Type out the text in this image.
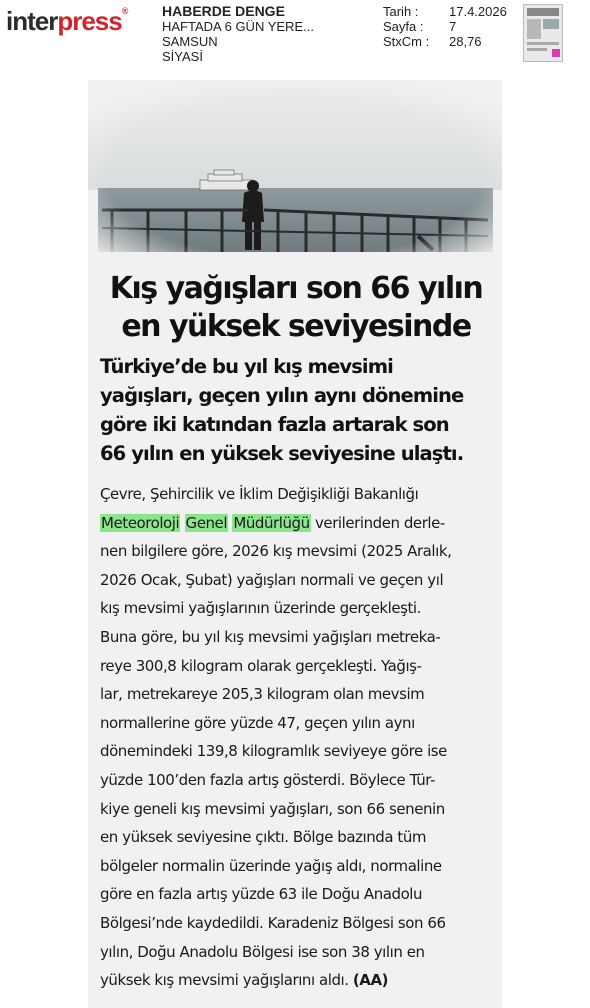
interpress® HABERDE DENGE
HAFTADA 6 GÜN YERE...
SAMSUN
SİYASİ
Tarih :	17.4.2026
Sayfa :	7
StxCm :	28,76
Kış yağışları son 66 yılın
en yüksek seviyesinde
Türkiye’de bu yıl kış mevsimi
yağışları, geçen yılın aynı dönemine
göre iki katından fazla artarak son
66 yılın en yüksek seviyesine ulaştı.
Çevre, Şehircilik ve İklim Değişikliği Bakanlığı
Meteoroloji Genel Müdürlüğü verilerinden derle-
nen bilgilere göre, 2026 kış mevsimi (2025 Aralık,
2026 Ocak, Şubat) yağışları normali ve geçen yıl
kış mevsimi yağışlarının üzerinde gerçekleşti.
Buna göre, bu yıl kış mevsimi yağışları metreka-
reye 300,8 kilogram olarak gerçekleşti. Yağış-
lar, metrekareye 205,3 kilogram olan mevsim
normallerine göre yüzde 47, geçen yılın aynı
dönemindeki 139,8 kilogramlık seviyeye göre ise
yüzde 100’den fazla artış gösterdi. Böylece Tür-
kiye geneli kış mevsimi yağışları, son 66 senenin
en yüksek seviyesine çıktı. Bölge bazında tüm
bölgeler normalin üzerinde yağış aldı, normaline
göre en fazla artış yüzde 63 ile Doğu Anadolu
Bölgesi’nde kaydedildi. Karadeniz Bölgesi son 66
yılın, Doğu Anadolu Bölgesi ise son 38 yılın en
yüksek kış mevsimi yağışlarını aldı. (AA)
